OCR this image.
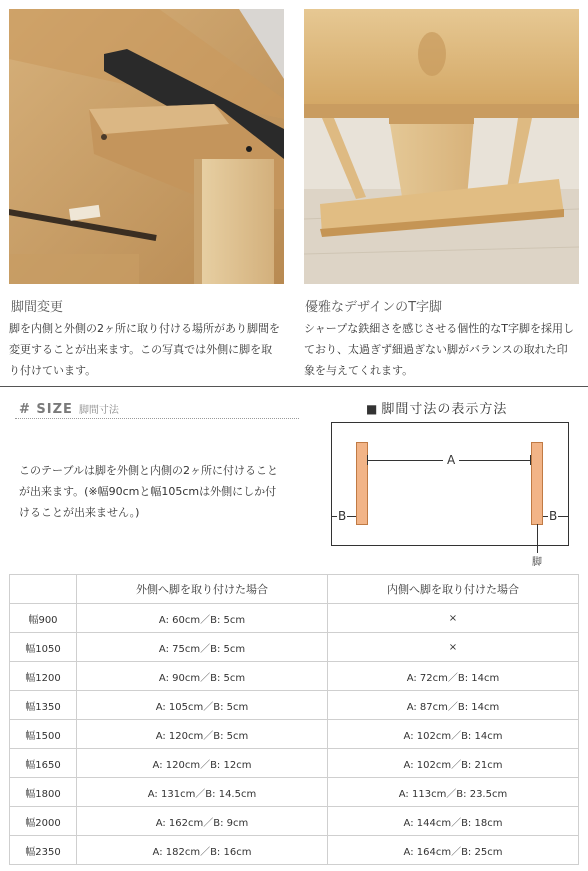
脚間変更
脚を内側と外側の2ヶ所に取り付ける場所があり脚間を
変更することが出来ます。この写真では外側に脚を取
り付けています。
優雅なデザインのT字脚
シャープな鉄細さを感じさせる個性的なT字脚を採用し
ており、太過ぎず細過ぎない脚がバランスの取れた印
象を与えてくれます。
# SIZE 脚間寸法
このテーブルは脚を外側と内側の2ヶ所に付けること
が出来ます。(※幅90cmと幅105cmは外側にしか付
けることが出来ません。)
■ 脚間寸法の表示方法
A
B	B
脚
	外側へ脚を取り付けた場合	内側へ脚を取り付けた場合
幅900	A: 60cm／B: 5cm	×
幅1050	A: 75cm／B: 5cm	×
幅1200	A: 90cm／B: 5cm	A: 72cm／B: 14cm
幅1350	A: 105cm／B: 5cm	A: 87cm／B: 14cm
幅1500	A: 120cm／B: 5cm	A: 102cm／B: 14cm
幅1650	A: 120cm／B: 12cm	A: 102cm／B: 21cm
幅1800	A: 131cm／B: 14.5cm	A: 113cm／B: 23.5cm
幅2000	A: 162cm／B: 9cm	A: 144cm／B: 18cm
幅2350	A: 182cm／B: 16cm	A: 164cm／B: 25cm
